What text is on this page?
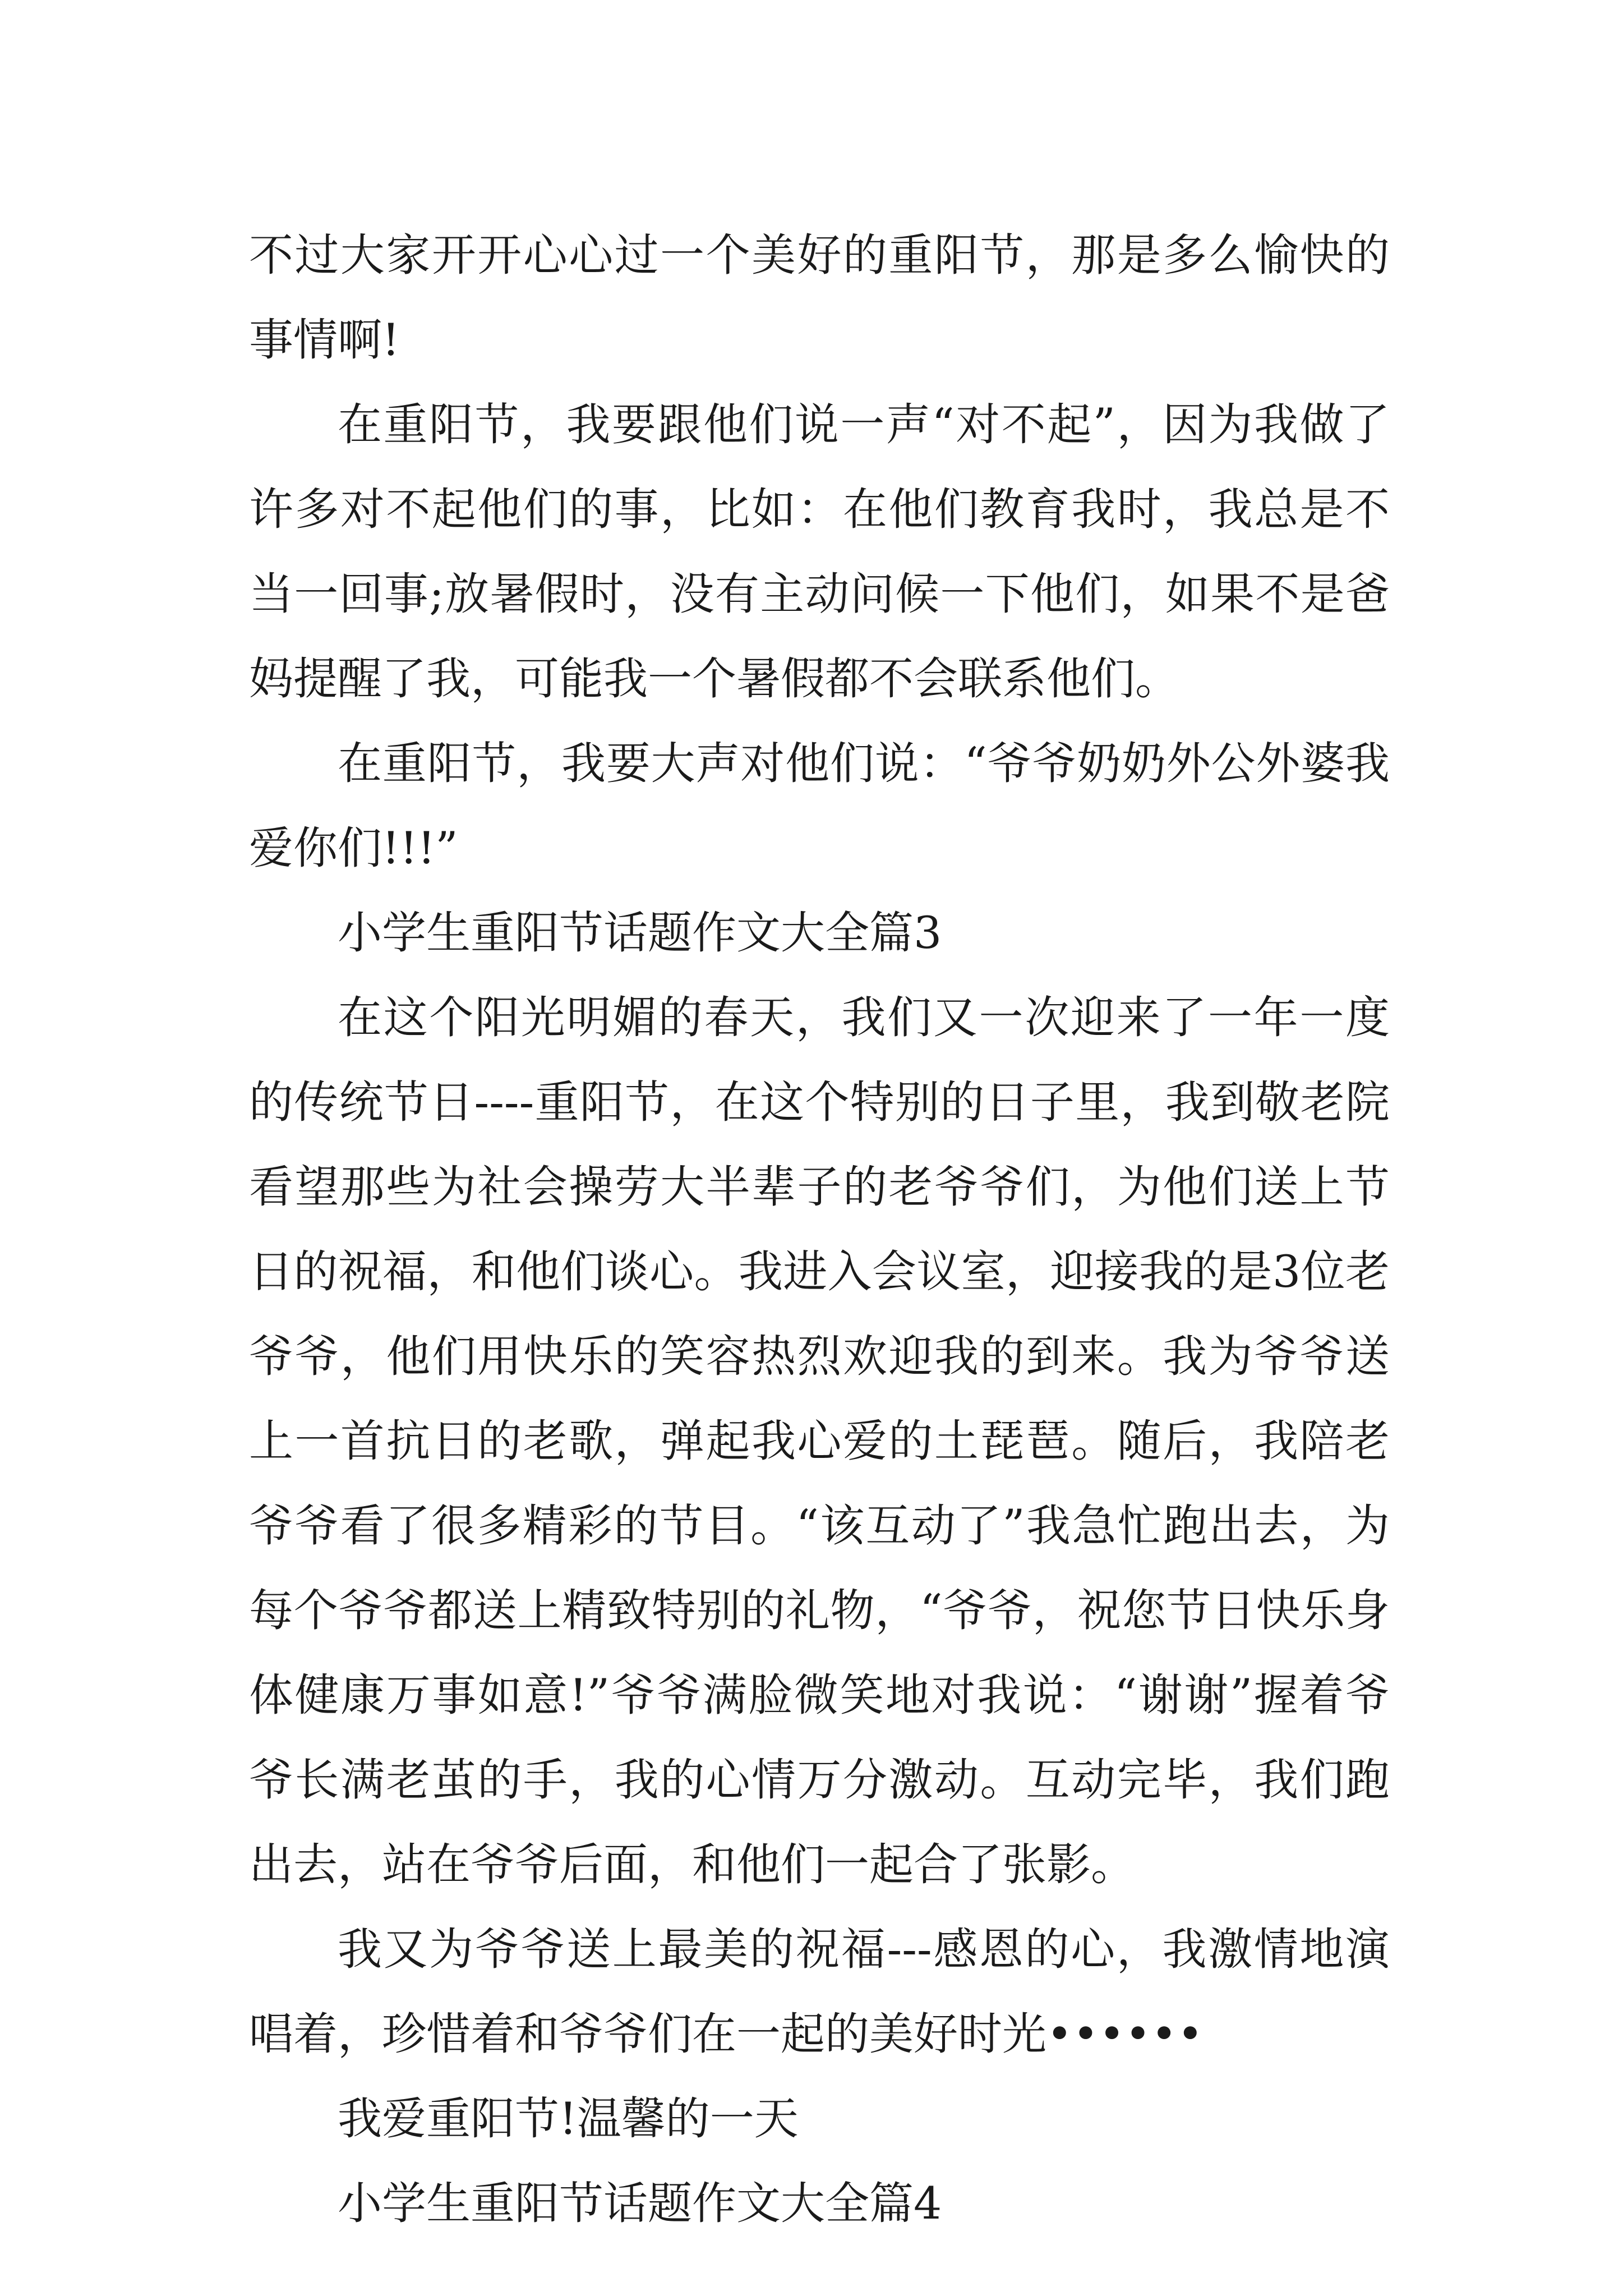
不过大家开开心心过一个美好的重阳节，那是多么愉快的事情啊!

在重阳节，我要跟他们说一声“对不起”，因为我做了许多对不起他们的事，比如：在他们教育我时，我总是不当一回事;放暑假时，没有主动问候一下他们，如果不是爸妈提醒了我，可能我一个暑假都不会联系他们。

在重阳节，我要大声对他们说：“爷爷奶奶外公外婆我爱你们!!!”

小学生重阳节话题作文大全篇3

在这个阳光明媚的春天，我们又一次迎来了一年一度的传统节日----重阳节，在这个特别的日子里，我到敬老院看望那些为社会操劳大半辈子的老爷爷们，为他们送上节日的祝福，和他们谈心。我进入会议室，迎接我的是3位老爷爷，他们用快乐的笑容热烈欢迎我的到来。我为爷爷送上一首抗日的老歌，弹起我心爱的土琵琶。随后，我陪老爷爷看了很多精彩的节目。“该互动了”我急忙跑出去，为每个爷爷都送上精致特别的礼物，“爷爷，祝您节日快乐身体健康万事如意!”爷爷满脸微笑地对我说：“谢谢”握着爷爷长满老茧的手，我的心情万分激动。互动完毕，我们跑出去，站在爷爷后面，和他们一起合了张影。

我又为爷爷送上最美的祝福---感恩的心，我激情地演唱着，珍惜着和爷爷们在一起的美好时光••••••

我爱重阳节!温馨的一天

小学生重阳节话题作文大全篇4
